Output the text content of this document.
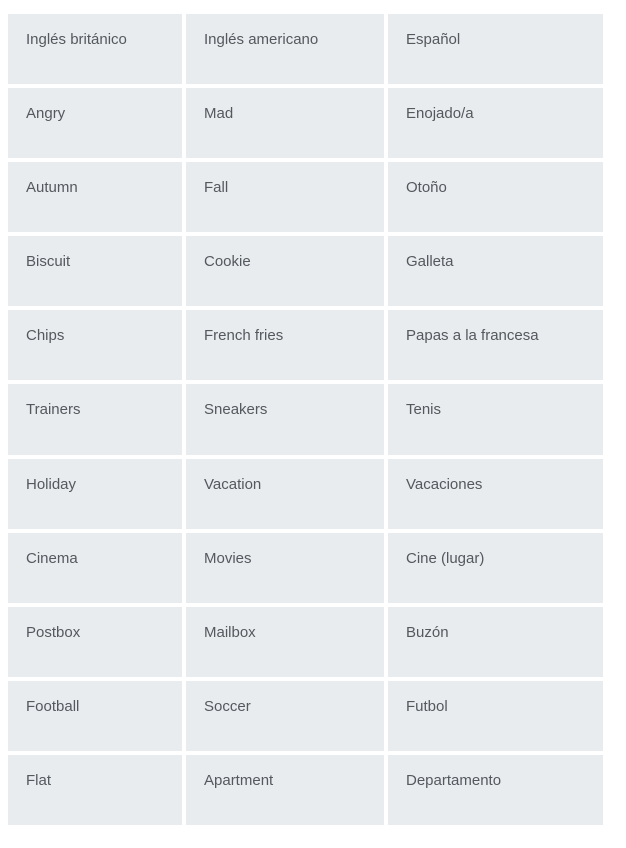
Inglés británico	Inglés americano	Español
Angry	Mad	Enojado/a
Autumn	Fall	Otoño
Biscuit	Cookie	Galleta
Chips	French fries	Papas a la francesa
Trainers	Sneakers	Tenis
Holiday	Vacation	Vacaciones
Cinema	Movies	Cine (lugar)
Postbox	Mailbox	Buzón
Football	Soccer	Futbol
Flat	Apartment	Departamento
